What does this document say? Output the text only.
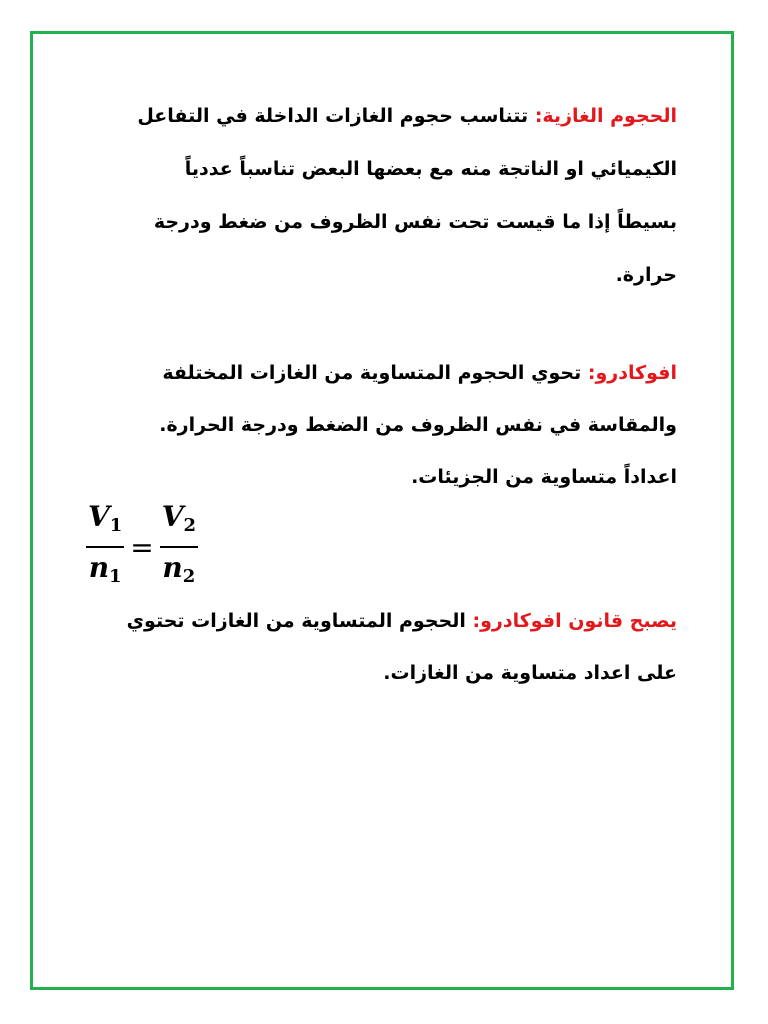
الحجوم الغازية: تتناسب حجوم الغازات الداخلة في التفاعل
الكيميائي او الناتجة منه مع بعضها البعض تناسباً عددياً
بسيطاً إذا ما قيست تحت نفس الظروف من ضغط ودرجة
حرارة.
افوكادرو: تحوي الحجوم المتساوية من الغازات المختلفة
والمقاسة في نفس الظروف من الضغط ودرجة الحرارة.
اعداداً متساوية من الجزيئات.
$\frac{V_1}{n_1} = \frac{V_2}{n_2}$
يصبح قانون افوكادرو: الحجوم المتساوية من الغازات تحتوي
على اعداد متساوية من الغازات.
